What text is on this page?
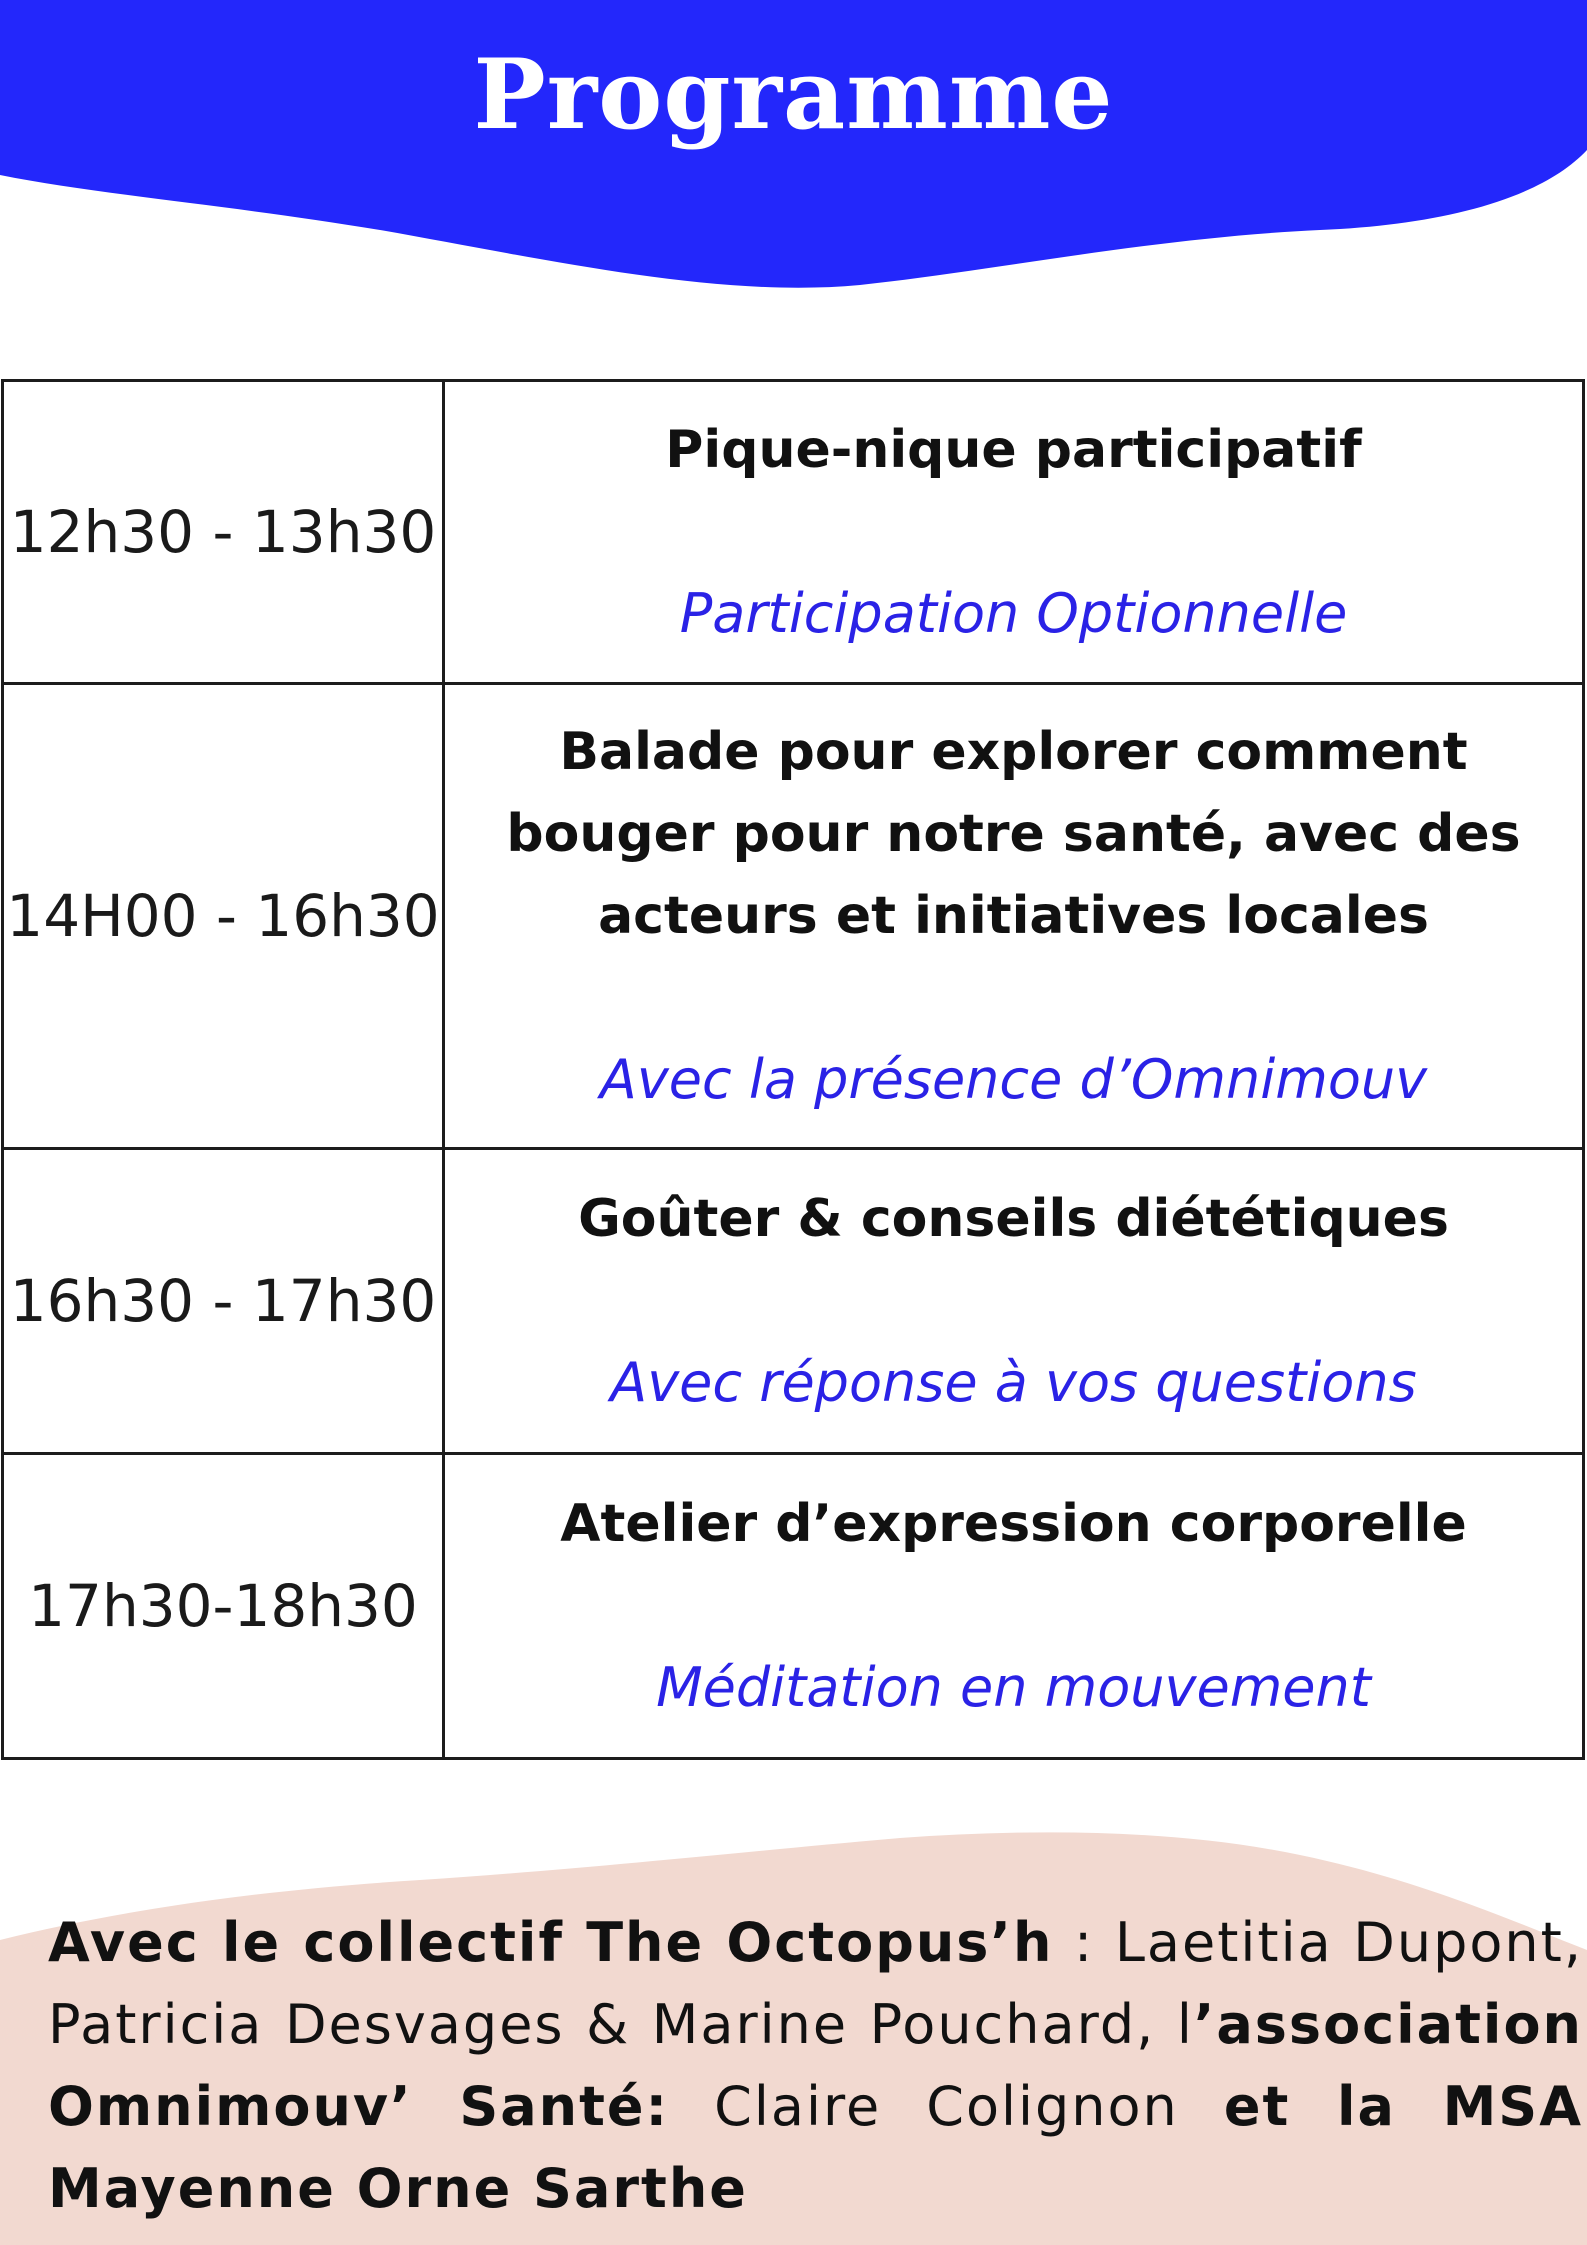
Programme
12h30 - 13h30	Pique-nique participatif
Participation Optionnelle

14H00 - 16h30	Balade pour explorer comment
bouger pour notre santé, avec des
acteurs et initiatives locales
Avec la présence d’Omnimouv

16h30 - 17h30	Goûter & conseils diététiques
Avec réponse à vos questions

17h30-18h30	Atelier d’expression corporelle
Méditation en mouvement

Avec le collectif The Octopus’h : Laetitia Dupont, Patricia Desvages & Marine Pouchard, l’association Omnimouv’ Santé: Claire Colignon et la MSA Mayenne Orne Sarthe
